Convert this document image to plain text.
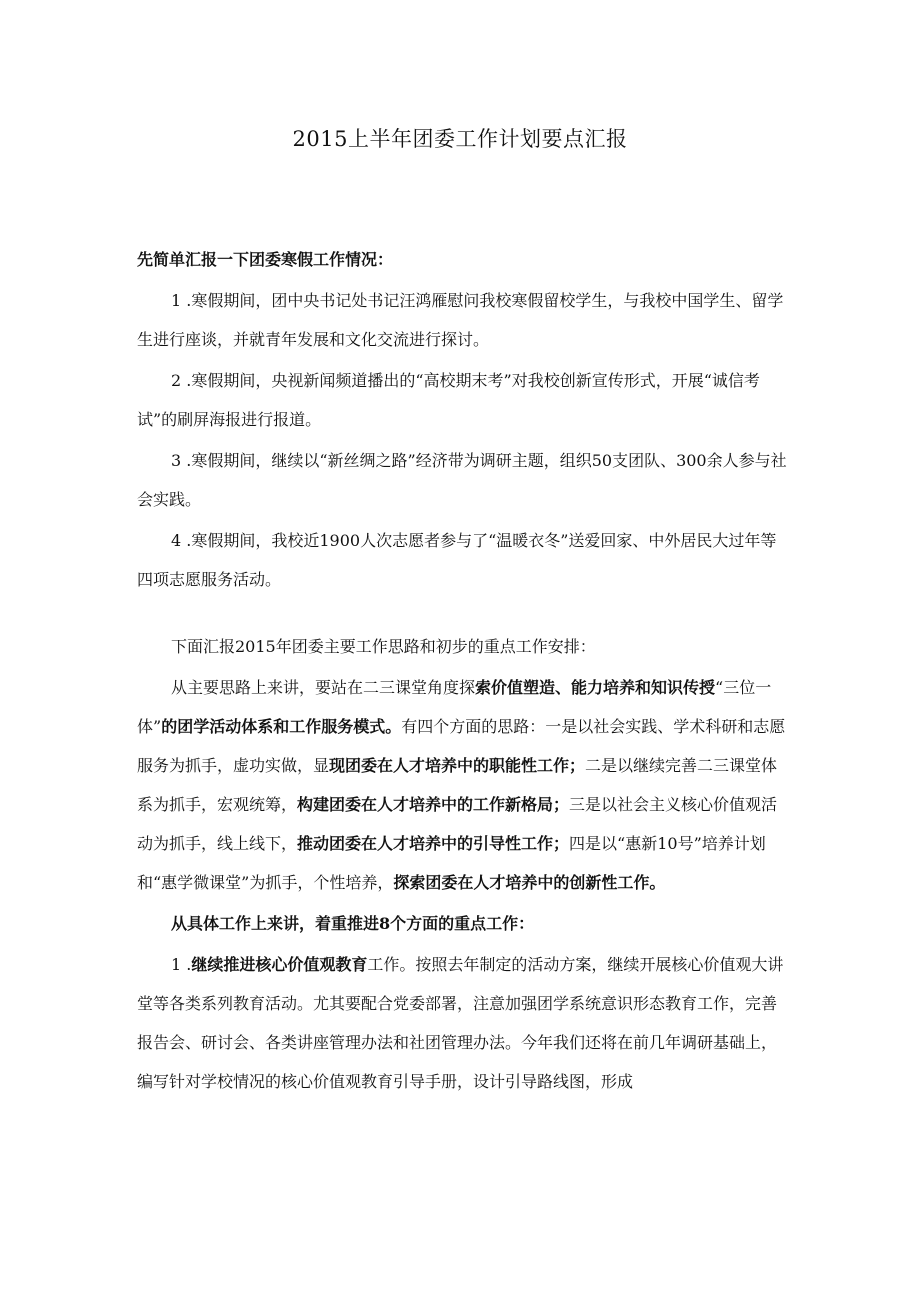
2015上半年团委工作计划要点汇报

先简单汇报一下团委寒假工作情况：

1 .寒假期间，团中央书记处书记汪鸿雁慰问我校寒假留校学生，与我校中国学生、留学生进行座谈，并就青年发展和文化交流进行探讨。

2 .寒假期间，央视新闻频道播出的“高校期末考”对我校创新宣传形式，开展“诚信考试”的刷屏海报进行报道。

3 .寒假期间，继续以“新丝绸之路”经济带为调研主题，组织50支团队、300余人参与社会实践。

4 .寒假期间，我校近1900人次志愿者参与了“温暖衣冬”送爱回家、中外居民大过年等四项志愿服务活动。

下面汇报2015年团委主要工作思路和初步的重点工作安排：

从主要思路上来讲，要站在二三课堂角度探索价值塑造、能力培养和知识传授“三位一体”的团学活动体系和工作服务模式。有四个方面的思路：一是以社会实践、学术科研和志愿服务为抓手，虚功实做，显现团委在人才培养中的职能性工作；二是以继续完善二三课堂体系为抓手，宏观统筹，构建团委在人才培养中的工作新格局；三是以社会主义核心价值观活动为抓手，线上线下，推动团委在人才培养中的引导性工作；四是以“惠新10号”培养计划和“惠学微课堂”为抓手，个性培养，探索团委在人才培养中的创新性工作。

从具体工作上来讲，着重推进8个方面的重点工作：

1 .继续推进核心价值观教育工作。按照去年制定的活动方案，继续开展核心价值观大讲堂等各类系列教育活动。尤其要配合党委部署，注意加强团学系统意识形态教育工作，完善报告会、研讨会、各类讲座管理办法和社团管理办法。今年我们还将在前几年调研基础上，编写针对学校情况的核心价值观教育引导手册，设计引导路线图，形成
